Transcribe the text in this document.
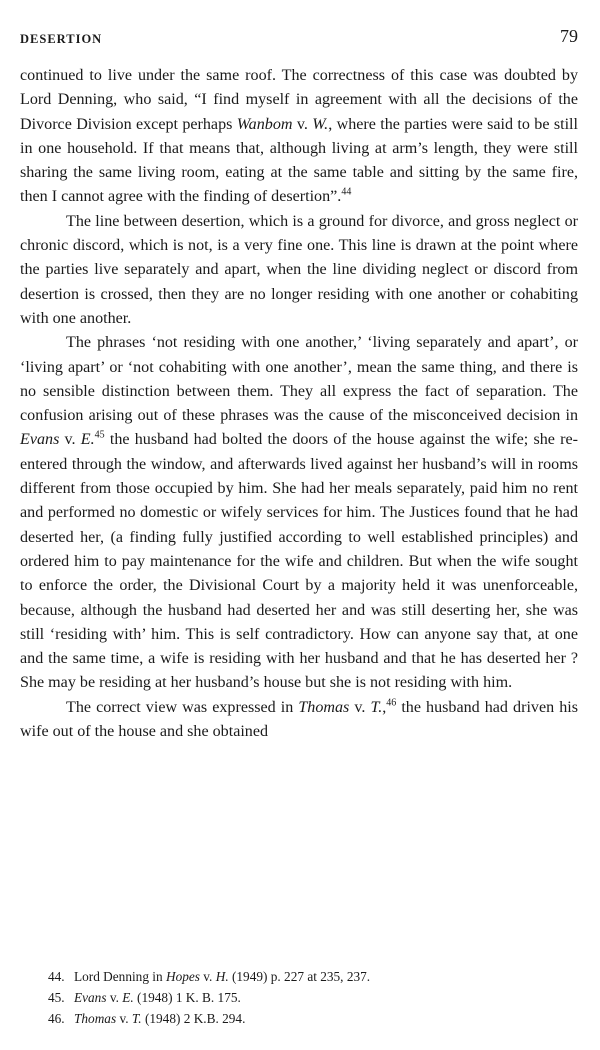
DESERTION	79

continued to live under the same roof. The correctness of this case was doubted by Lord Denning, who said, “I find myself in agreement with all the decisions of the Divorce Division except perhaps Wanbom v. W., where the parties were said to be still in one household. If that means that, although living at arm’s length, they were still sharing the same living room, eating at the same table and sitting by the same fire, then I cannot agree with the finding of desertion”.$^{44}$

The line between desertion, which is a ground for divorce, and gross neglect or chronic discord, which is not, is a very fine one. This line is drawn at the point where the parties live separately and apart, when the line dividing neglect or discord from desertion is crossed, then they are no longer residing with one another or cohabiting with one another.

The phrases ‘not residing with one another,’ ‘living separately and apart’, or ‘living apart’ or ‘not cohabiting with one another’, mean the same thing, and there is no sensible distinction between them. They all express the fact of separation. The confusion arising out of these phrases was the cause of the misconceived decision in Evans v. E.$^{45}$ the husband had bolted the doors of the house against the wife; she re-entered through the window, and afterwards lived against her husband’s will in rooms different from those occupied by him. She had her meals separately, paid him no rent and performed no domestic or wifely services for him. The Justices found that he had deserted her, (a finding fully justified according to well established principles) and ordered him to pay maintenance for the wife and children. But when the wife sought to enforce the order, the Divisional Court by a majority held it was unenforceable, because, although the husband had deserted her and was still deserting her, she was still ‘residing with’ him. This is self contradictory. How can anyone say that, at one and the same time, a wife is residing with her husband and that he has deserted her ? She may be residing at her husband’s house but she is not residing with him.

The correct view was expressed in Thomas v. T.,$^{46}$ the husband had driven his wife out of the house and she obtained

44. Lord Denning in Hopes v. H. (1949) p. 227 at 235, 237.
45. Evans v. E. (1948) 1 K. B. 175.
46. Thomas v. T. (1948) 2 K.B. 294.
